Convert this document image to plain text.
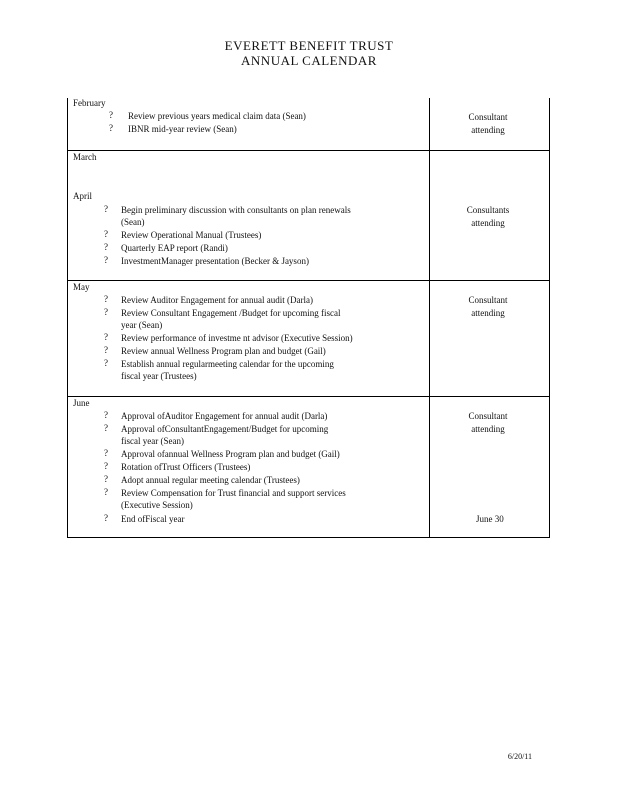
EVERETT BENEFIT TRUST
ANNUAL CALENDAR
February
? Review previous years medical claim data (Sean)
? IBNR mid-year review (Sean)
Consultant
attending
March
April
? Begin preliminary discussion with consultants on plan renewals
(Sean)
? Review Operational Manual (Trustees)
? Quarterly EAP report (Randi)
? InvestmentManager presentation (Becker & Jayson)
Consultants
attending
May
? Review Auditor Engagement for annual audit (Darla)
? Review Consultant Engagement /Budget for upcoming fiscal
year (Sean)
? Review performance of investme nt advisor (Executive Session)
? Review annual Wellness Program plan and budget (Gail)
? Establish annual regularmeeting calendar for the upcoming
fiscal year (Trustees)
Consultant
attending
June
? Approval ofAuditor Engagement for annual audit (Darla)
? Approval ofConsultantEngagement/Budget for upcoming
fiscal year (Sean)
? Approval ofannual Wellness Program plan and budget (Gail)
? Rotation ofTrust Officers (Trustees)
? Adopt annual regular meeting calendar (Trustees)
? Review Compensation for Trust financial and support services
(Executive Session)
? End ofFiscal year
Consultant
attending
June 30
6/20/11
